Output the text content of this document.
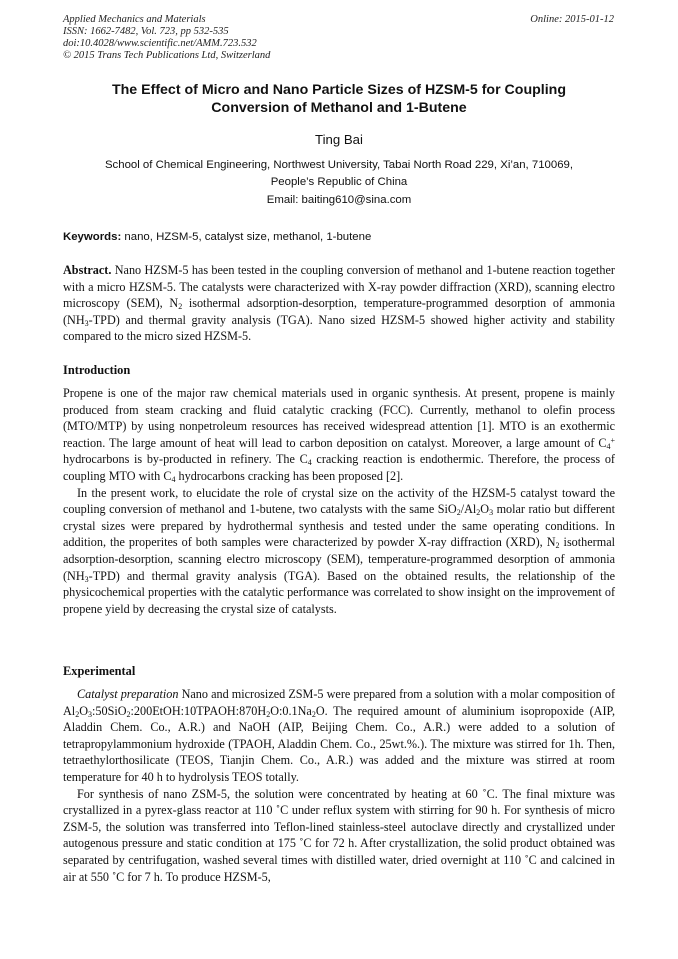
Applied Mechanics and Materials
ISSN: 1662-7482, Vol. 723, pp 532-535
doi:10.4028/www.scientific.net/AMM.723.532
© 2015 Trans Tech Publications Ltd, Switzerland
Online: 2015-01-12
The Effect of Micro and Nano Particle Sizes of HZSM-5 for Coupling
Conversion of Methanol and 1-Butene
Ting Bai
School of Chemical Engineering, Northwest University, Tabai North Road 229, Xi’an, 710069,
People’s Republic of China
Email: baiting610@sina.com
Keywords: nano, HZSM-5, catalyst size, methanol, 1-butene

Abstract. Nano HZSM-5 has been tested in the coupling conversion of methanol and 1-butene reaction together with a micro HZSM-5. The catalysts were characterized with X-ray powder diffraction (XRD), scanning electro microscopy (SEM), $N_2$ isothermal adsorption-desorption, temperature-programmed desorption of ammonia $(NH_3-TPD)$ and thermal gravity analysis (TGA). Nano sized HZSM-5 showed higher activity and stability compared to the micro sized HZSM-5.

Introduction

Propene is one of the major raw chemical materials used in organic synthesis. At present, propene is mainly produced from steam cracking and fluid catalytic cracking (FCC). Currently, methanol to olefin process (MTO/MTP) by using nonpetroleum resources has received widespread attention [1]. MTO is an exothermic reaction. The large amount of heat will lead to carbon deposition on catalyst. Moreover, a large amount of $C_4^+$ hydrocarbons is by-producted in refinery. The $C_4$ cracking reaction is endothermic. Therefore, the process of coupling MTO with $C_4$ hydrocarbons cracking has been proposed [2].

In the present work, to elucidate the role of crystal size on the activity of the HZSM-5 catalyst toward the coupling conversion of methanol and 1-butene, two catalysts with the same $SiO_2/Al_2O_3$ molar ratio but different crystal sizes were prepared by hydrothermal synthesis and tested under the same operating conditions. In addition, the properites of both samples were characterized by powder X-ray diffraction (XRD), $N_2$ isothermal adsorption-desorption, scanning electro microscopy (SEM), temperature-programmed desorption of ammonia $(NH_3-TPD)$ and thermal gravity analysis (TGA). Based on the obtained results, the relationship of the physicochemical properties with the catalytic performance was correlated to show insight on the improvement of propene yield by decreasing the crystal size of catalysts.

Experimental

Catalyst preparation Nano and microsized ZSM-5 were prepared from a solution with a molar composition of $Al_2O_3:50SiO_2:200EtOH:10TPAOH:870H_2O:0.1Na_2O$. The required amount of aluminium isopropoxide (AIP, Aladdin Chem. Co., A.R.) and NaOH (AIP, Beijing Chem. Co., A.R.) were added to a solution of tetrapropylammonium hydroxide (TPAOH, Aladdin Chem. Co., 25wt.%.). The mixture was stirred for 1h. Then, tetraethylorthosilicate (TEOS, Tianjin Chem. Co., A.R.) was added and the mixture was stirred at room temperature for 40 h to hydrolysis TEOS totally.

For synthesis of nano ZSM-5, the solution were concentrated by heating at 60 ˚C. The final mixture was crystallized in a pyrex-glass reactor at 110 ˚C under reflux system with stirring for 90 h. For synthesis of micro ZSM-5, the solution was transferred into Teflon-lined stainless-steel autoclave directly and crystallized under autogenous pressure and static condition at 175 ˚C for 72 h. After crystallization, the solid product obtained was separated by centrifugation, washed several times with distilled water, dried overnight at 110 ˚C and calcined in air at 550 ˚C for 7 h. To produce HZSM-5,
